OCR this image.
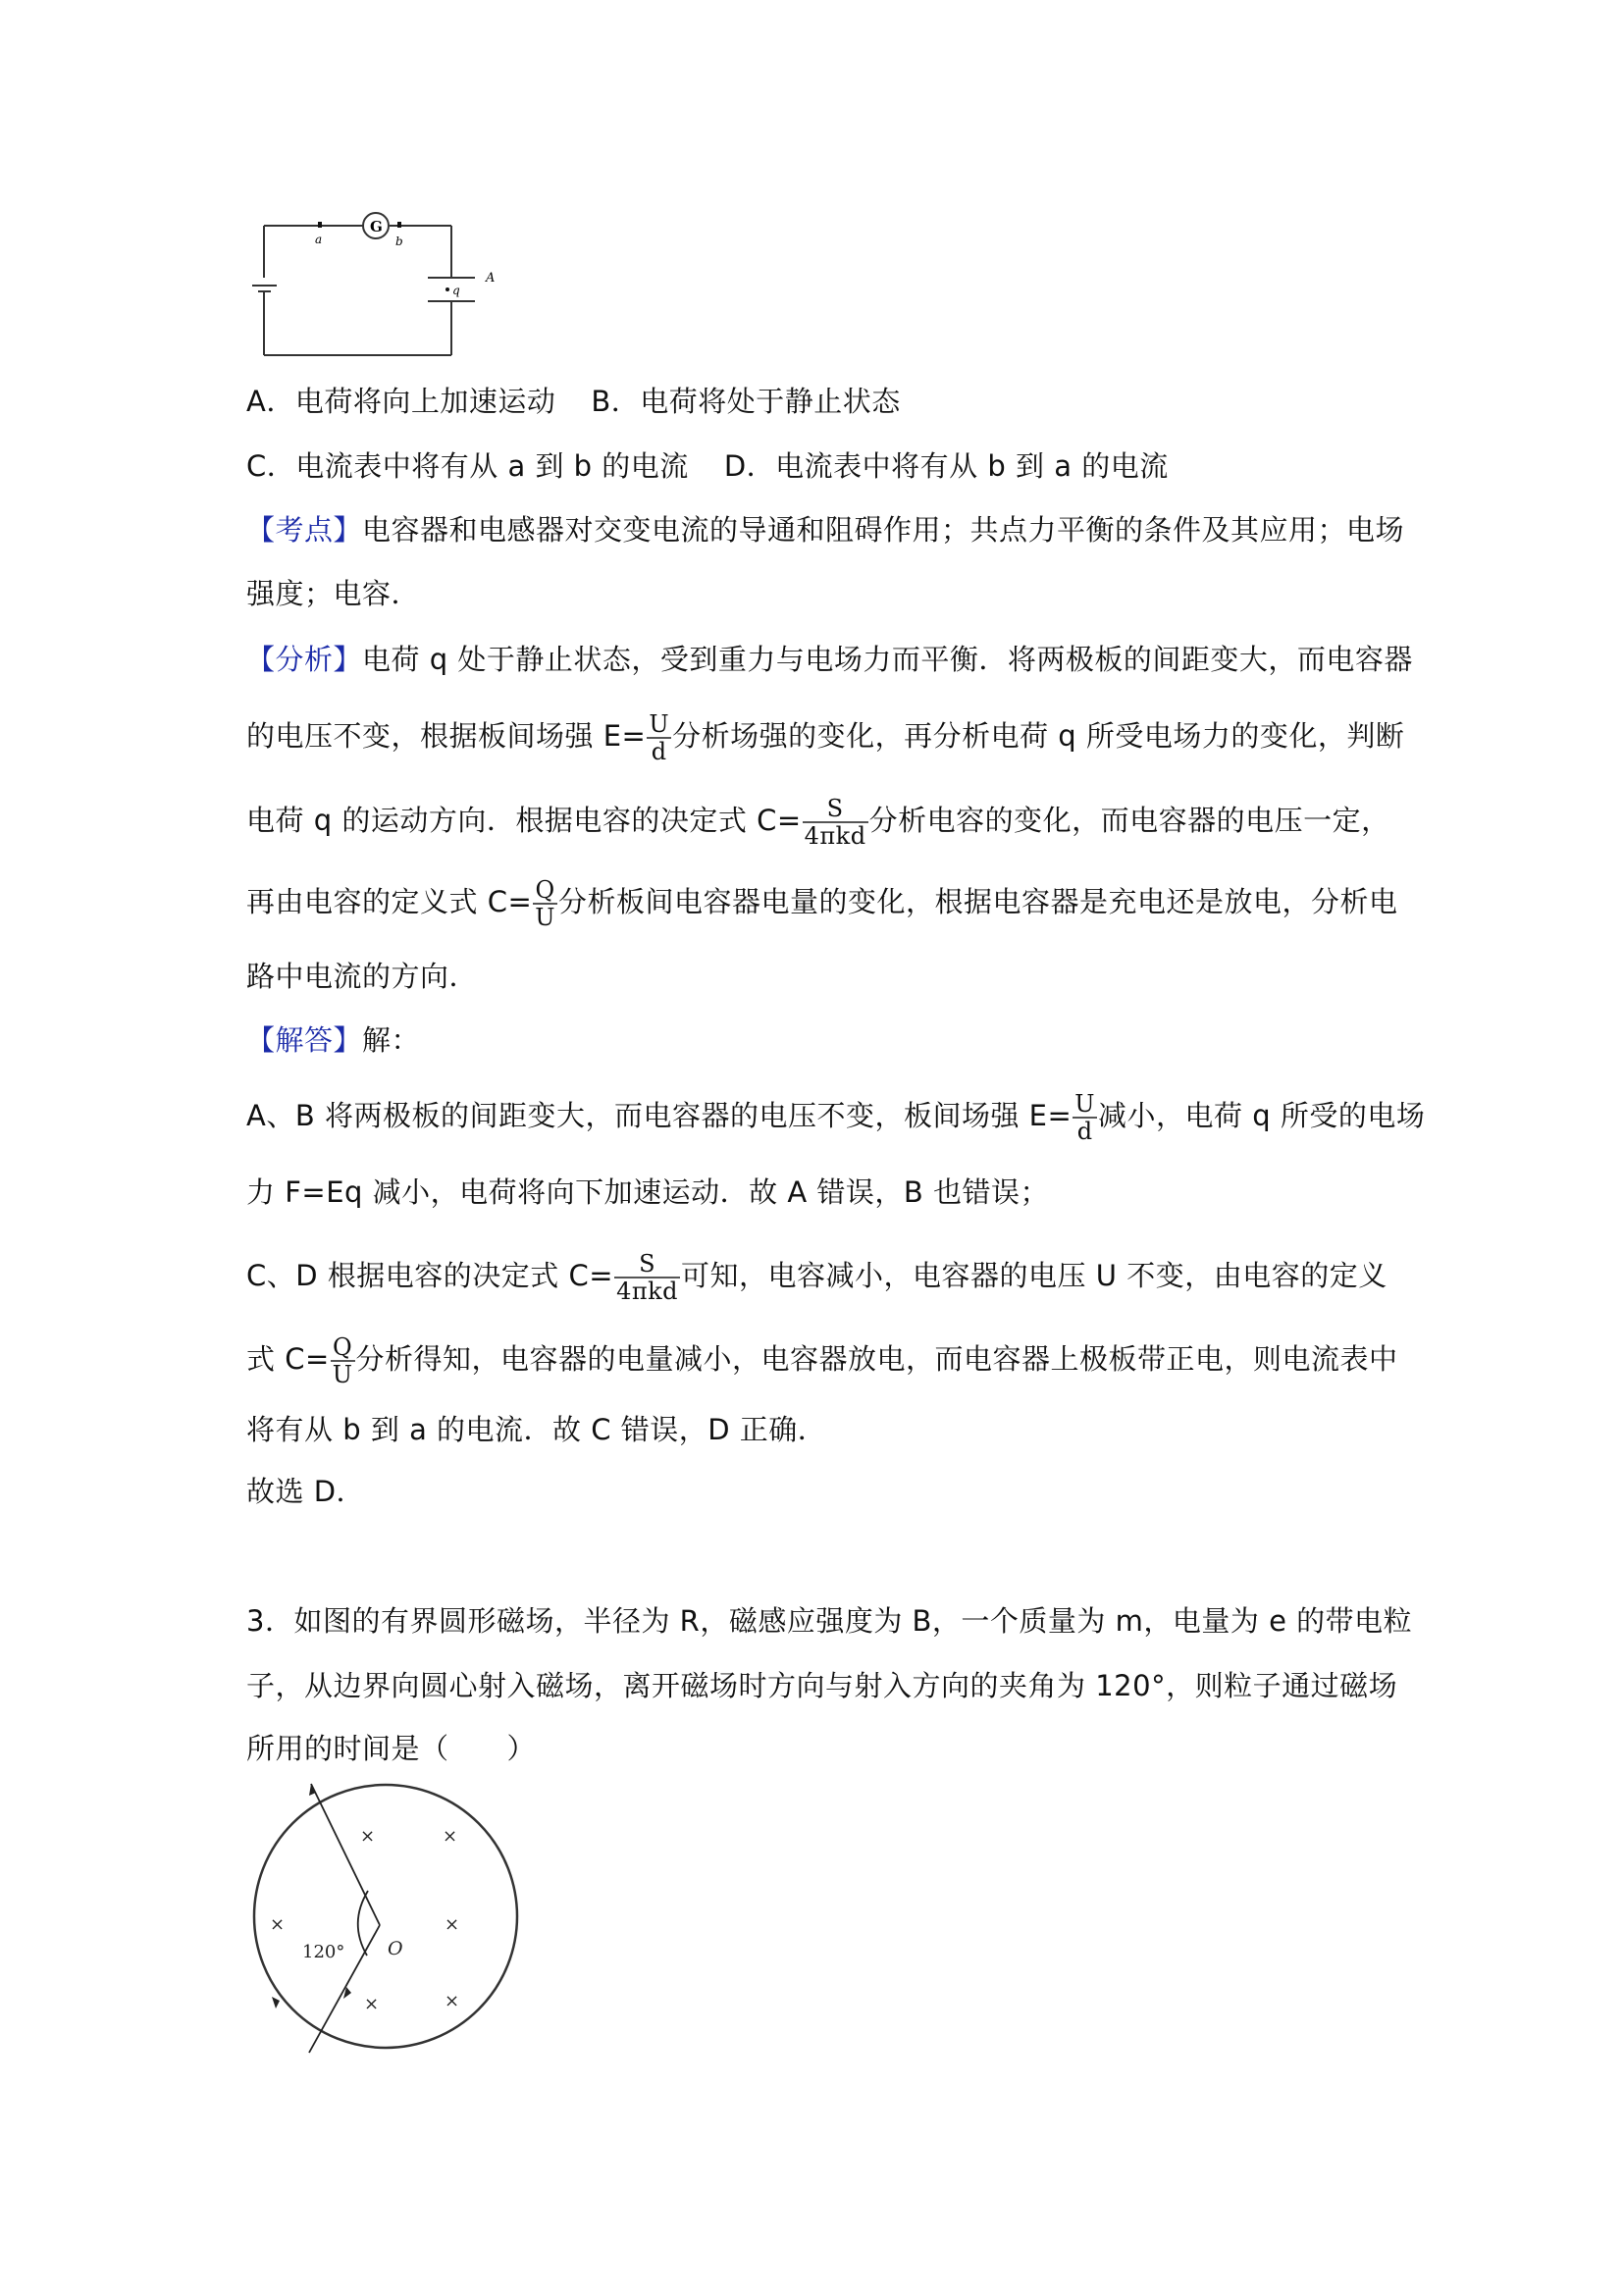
G
a	b
A
q
A．电荷将向上加速运动 B．电荷将处于静止状态
C．电流表中将有从 a 到 b 的电流 D．电流表中将有从 b 到 a 的电流
【考点】电容器和电感器对交变电流的导通和阻碍作用；共点力平衡的条件及其应用；电场
强度；电容．
【分析】电荷 q 处于静止状态，受到重力与电场力而平衡．将两极板的间距变大，而电容器
的电压不变，根据板间场强 $E= \frac{U}{d}$ 分析场强的变化，再分析电荷 q 所受电场力的变化，判断
电荷 q 的运动方向．根据电容的决定式 $C= \frac{S}{\text{4πkd}}$ 分析电容的变化，而电容器的电压一定，
再由电容的定义式 $C= \frac{Q}{U}$ 分析板间电容器电量的变化，根据电容器是充电还是放电，分析电
路中电流的方向．
【解答】解：
A、B 将两极板的间距变大，而电容器的电压不变，板间场强 $E= \frac{U}{d}$ 减小，电荷 q 所受的电场
力 F=Eq 减小，电荷将向下加速运动．故 A 错误，B 也错误；
C、D 根据电容的决定式 $C= \frac{S}{\text{4πkd}}$ 可知，电容减小，电容器的电压 U 不变，由电容的定义
式 $C= \frac{Q}{U}$ 分析得知，电容器的电量减小，电容器放电，而电容器上极板带正电，则电流表中
将有从 b 到 a 的电流．故 C 错误，D 正确．
故选 D．
3．如图的有界圆形磁场，半径为 R，磁感应强度为 B，一个质量为 m，电量为 e 的带电粒
子，从边界向圆心射入磁场，离开磁场时方向与射入方向的夹角为 120°，则粒子通过磁场
所用的时间是（　　）
×	×
×	×
×	×
120° O
